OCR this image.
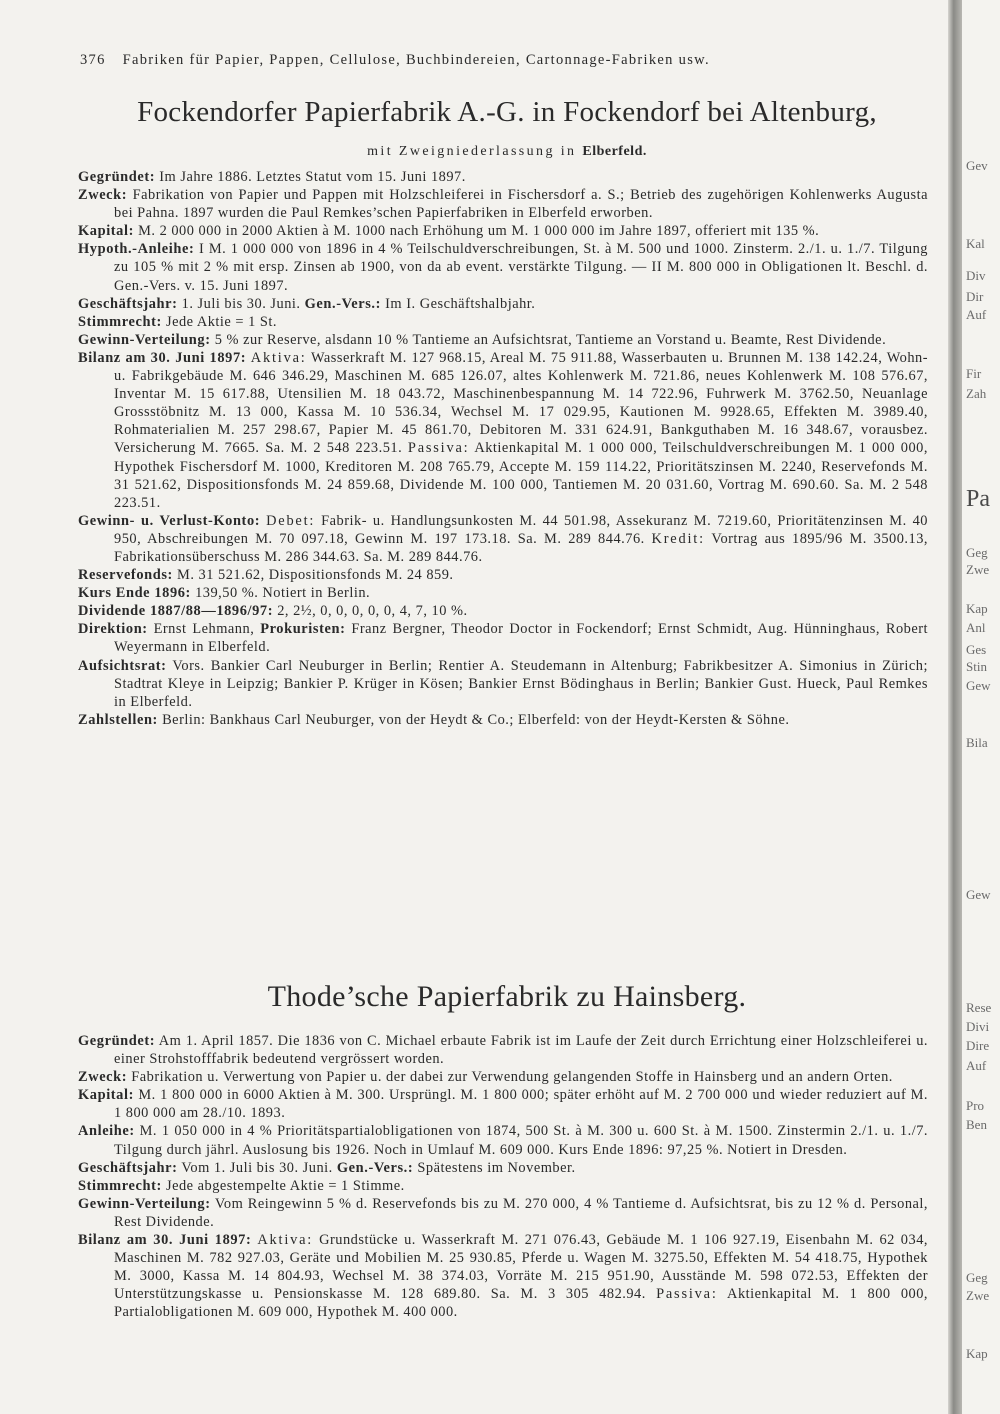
376 Fabriken für Papier, Pappen, Cellulose, Buchbindereien, Cartonnage-Fabriken usw.
Fockendorfer Papierfabrik A.-G. in Fockendorf bei Altenburg,
mit Zweigniederlassung in Elberfeld.

Gegründet: Im Jahre 1886. Letztes Statut vom 15. Juni 1897.

Zweck: Fabrikation von Papier und Pappen mit Holzschleiferei in Fischersdorf a. S.; Betrieb des zugehörigen Kohlenwerks Augusta bei Pahna. 1897 wurden die Paul Remkes’schen Papierfabriken in Elberfeld erworben.

Kapital: M. 2 000 000 in 2000 Aktien à M. 1000 nach Erhöhung um M. 1 000 000 im Jahre 1897, offeriert mit 135 %.

Hypoth.-Anleihe: I M. 1 000 000 von 1896 in 4 % Teilschuldverschreibungen, St. à M. 500 und 1000. Zinsterm. 2./1. u. 1./7. Tilgung zu 105 % mit 2 % mit ersp. Zinsen ab 1900, von da ab event. verstärkte Tilgung. — II M. 800 000 in Obligationen lt. Beschl. d. Gen.-Vers. v. 15. Juni 1897.

Geschäftsjahr: 1. Juli bis 30. Juni. Gen.-Vers.: Im I. Geschäftshalbjahr.

Stimmrecht: Jede Aktie = 1 St.

Gewinn-Verteilung: 5 % zur Reserve, alsdann 10 % Tantieme an Aufsichtsrat, Tantieme an Vorstand u. Beamte, Rest Dividende.

Bilanz am 30. Juni 1897: Aktiva: Wasserkraft M. 127 968.15, Areal M. 75 911.88, Wasserbauten u. Brunnen M. 138 142.24, Wohn- u. Fabrikgebäude M. 646 346.29, Maschinen M. 685 126.07, altes Kohlenwerk M. 721.86, neues Kohlenwerk M. 108 576.67, Inventar M. 15 617.88, Utensilien M. 18 043.72, Maschinenbespannung M. 14 722.96, Fuhrwerk M. 3762.50, Neuanlage Grossstöbnitz M. 13 000, Kassa M. 10 536.34, Wechsel M. 17 029.95, Kautionen M. 9928.65, Effekten M. 3989.40, Rohmaterialien M. 257 298.67, Papier M. 45 861.70, Debitoren M. 331 624.91, Bankguthaben M. 16 348.67, vorausbez. Versicherung M. 7665. Sa. M. 2 548 223.51. Passiva: Aktienkapital M. 1 000 000, Teilschuldverschreibungen M. 1 000 000, Hypothek Fischersdorf M. 1000, Kreditoren M. 208 765.79, Accepte M. 159 114.22, Prioritätszinsen M. 2240, Reservefonds M. 31 521.62, Dispositionsfonds M. 24 859.68, Dividende M. 100 000, Tantiemen M. 20 031.60, Vortrag M. 690.60. Sa. M. 2 548 223.51.

Gewinn- u. Verlust-Konto: Debet: Fabrik- u. Handlungsunkosten M. 44 501.98, Assekuranz M. 7219.60, Prioritätenzinsen M. 40 950, Abschreibungen M. 70 097.18, Gewinn M. 197 173.18. Sa. M. 289 844.76. Kredit: Vortrag aus 1895/96 M. 3500.13, Fabrikationsüberschuss M. 286 344.63. Sa. M. 289 844.76.

Reservefonds: M. 31 521.62, Dispositionsfonds M. 24 859.

Kurs Ende 1896: 139,50 %. Notiert in Berlin.

Dividende 1887/88—1896/97: 2, 2½, 0, 0, 0, 0, 0, 4, 7, 10 %.

Direktion: Ernst Lehmann, Prokuristen: Franz Bergner, Theodor Doctor in Fockendorf; Ernst Schmidt, Aug. Hünninghaus, Robert Weyermann in Elberfeld.

Aufsichtsrat: Vors. Bankier Carl Neuburger in Berlin; Rentier A. Steudemann in Altenburg; Fabrikbesitzer A. Simonius in Zürich; Stadtrat Kleye in Leipzig; Bankier P. Krüger in Kösen; Bankier Ernst Bödinghaus in Berlin; Bankier Gust. Hueck, Paul Remkes in Elberfeld.

Zahlstellen: Berlin: Bankhaus Carl Neuburger, von der Heydt & Co.; Elberfeld: von der Heydt-Kersten & Söhne.

Thode’sche Papierfabrik zu Hainsberg.

Gegründet: Am 1. April 1857. Die 1836 von C. Michael erbaute Fabrik ist im Laufe der Zeit durch Errichtung einer Holzschleiferei u. einer Strohstofffabrik bedeutend vergrössert worden.

Zweck: Fabrikation u. Verwertung von Papier u. der dabei zur Verwendung gelangenden Stoffe in Hainsberg und an andern Orten.

Kapital: M. 1 800 000 in 6000 Aktien à M. 300. Ursprüngl. M. 1 800 000; später erhöht auf M. 2 700 000 und wieder reduziert auf M. 1 800 000 am 28./10. 1893.

Anleihe: M. 1 050 000 in 4 % Prioritätspartialobligationen von 1874, 500 St. à M. 300 u. 600 St. à M. 1500. Zinstermin 2./1. u. 1./7. Tilgung durch jährl. Auslosung bis 1926. Noch in Umlauf M. 609 000. Kurs Ende 1896: 97,25 %. Notiert in Dresden.

Geschäftsjahr: Vom 1. Juli bis 30. Juni. Gen.-Vers.: Spätestens im November.

Stimmrecht: Jede abgestempelte Aktie = 1 Stimme.

Gewinn-Verteilung: Vom Reingewinn 5 % d. Reservefonds bis zu M. 270 000, 4 % Tantieme d. Aufsichtsrat, bis zu 12 % d. Personal, Rest Dividende.

Bilanz am 30. Juni 1897: Aktiva: Grundstücke u. Wasserkraft M. 271 076.43, Gebäude M. 1 106 927.19, Eisenbahn M. 62 034, Maschinen M. 782 927.03, Geräte und Mobilien M. 25 930.85, Pferde u. Wagen M. 3275.50, Effekten M. 54 418.75, Hypothek M. 3000, Kassa M. 14 804.93, Wechsel M. 38 374.03, Vorräte M. 215 951.90, Ausstände M. 598 072.53, Effekten der Unterstützungskasse u. Pensionskasse M. 128 689.80. Sa. M. 3 305 482.94. Passiva: Aktienkapital M. 1 800 000, Partialobligationen M. 609 000, Hypothek M. 400 000.

Gev
Kal
Div
Dir
Auf
Fir
Zah
Pa
Geg
Zwe
Kap
Anl
Ges
Stin
Gew
Bila
Gew
Rese
Divi
Dire
Auf
Pro
Ben
Geg
Zwe
Kap
